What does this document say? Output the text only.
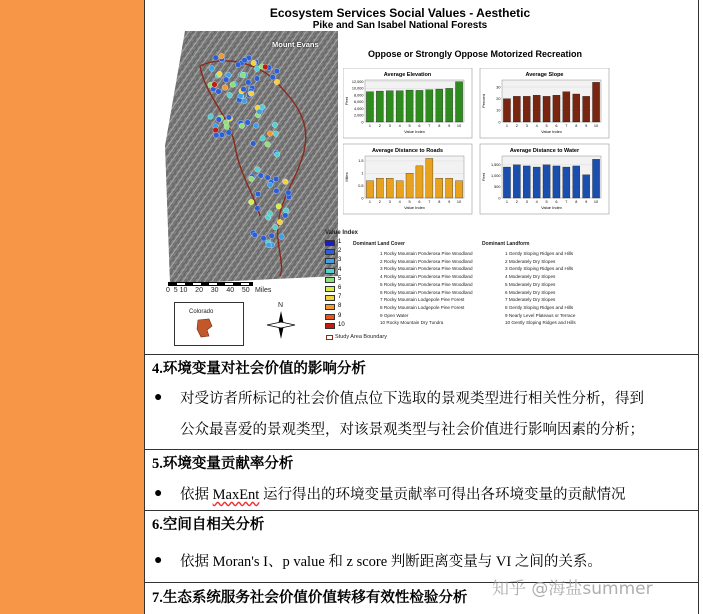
Ecosystem Services Social Values - Aesthetic
Pike and San Isabel National Forests
Mount Evans
0  5 10    20    30    40    50 Miles
Colorado
N
Oppose or Strongly Oppose Motorized Recreation
Average Elevation
0
2,000
4,000
6,000
8,000
10,000
12,000
Feet
1 2 3 4 5 6 7 8 9 10
Value Index
Average Slope
0
10
20
30
Percent
1 2 3 4 5 6 7 8 9 10
Value Index
Average Distance to Roads
0
0.5
1
1.5
Miles
1 2 3 4 5 6 7 8 9 10
Value Index
Average Distance to Water
0
500
1,000
1,500
Feet
1 2 3 4 5 6 7 8 9 10
Value Index
Value Index
1
2
3
4
5
6
7
8
9
10
Study Area Boundary
Dominant Land Cover
1 Rocky Mountain Ponderosa Pine Woodland
2 Rocky Mountain Ponderosa Pine Woodland
3 Rocky Mountain Ponderosa Pine Woodland
4 Rocky Mountain Ponderosa Pine Woodland
5 Rocky Mountain Ponderosa Pine Woodland
6 Rocky Mountain Ponderosa Pine Woodland
7 Rocky Mountain Lodgepole Pine Forest
8 Rocky Mountain Lodgepole Pine Forest
9 Open Water
10 Rocky Mountain Dry Tundra
Dominant Landform
1 Gently Sloping Ridges and Hills
2 Moderately Dry Slopes
3 Gently Sloping Ridges and Hills
4 Moderately Dry Slopes
5 Moderately Dry Slopes
6 Moderately Dry Slopes
7 Moderately Dry Slopes
8 Gently Sloping Ridges and Hills
9 Nearly Level Plateaus or Terrace
10 Gently Sloping Ridges and Hills
4.环境变量对社会价值的影响分析
● 对受访者所标记的社会价值点位下选取的景观类型进行相关性分析，得到
公众最喜爱的景观类型，对该景观类型与社会价值进行影响因素的分析；
5.环境变量贡献率分析
● 依据 MaxEnt 运行得出的环境变量贡献率可得出各环境变量的贡献情况
6.空间自相关分析
● 依据 Moran's I、p value 和 z score 判断距离变量与 VI 之间的关系。
7.生态系统服务社会价值价值转移有效性检验分析 知乎 @海盐summer
